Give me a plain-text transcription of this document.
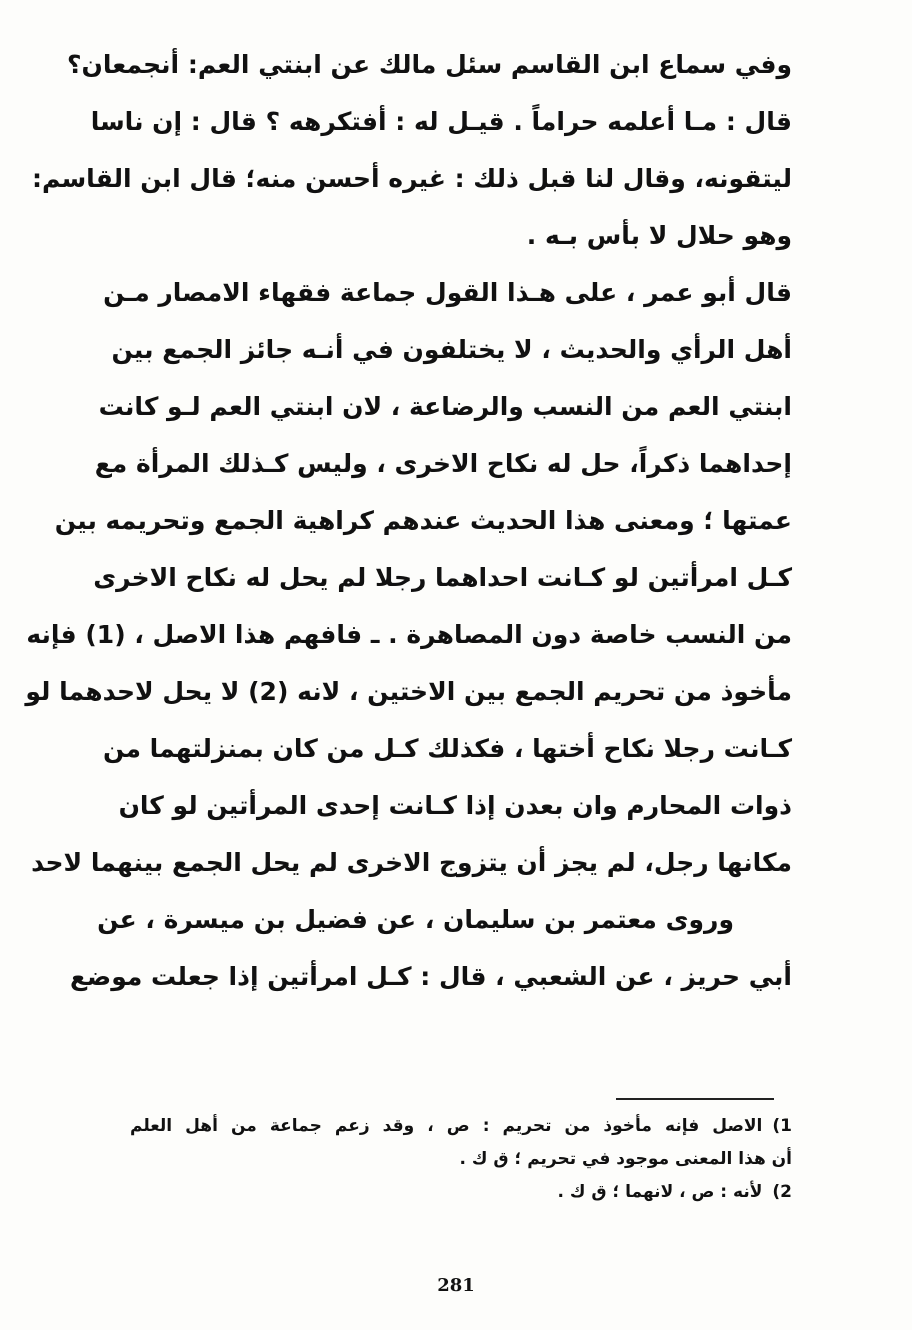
وفي سماع ابن القاسم سئل مالك عن ابنتي العم: أنجمعان؟
قال : مـا أعلمه حراماً . قيـل له : أفتكرهه ؟ قال : إن ناسا
ليتقونه، وقال لنا قبل ذلك : غيره أحسن منه؛ قال ابن القاسم:
وهو حلال لا بأس بـه .
قال أبو عمر ، على هـذا القول جماعة فقهاء الامصار مـن
أهل الرأي والحديث ، لا يختلفون في أنـه جائز الجمع بين
ابنتي العم من النسب والرضاعة ، لان ابنتي العم لـو كانت
إحداهما ذكراً، حل له نكاح الاخرى ، وليس كـذلك المرأة مع
عمتها ؛ ومعنى هذا الحديث عندهم كراهية الجمع وتحريمه بين
كـل امرأتين لو كـانت احداهما رجلا لم يحل له نكاح الاخرى
من النسب خاصة دون المصاهرة . ـ فافهم هذا الاصل ، (1) فإنه
مأخوذ من تحريم الجمع بين الاختين ، لانه (2) لا يحل لاحدهما لو
كـانت رجلا نكاح أختها ، فكذلك كـل من كان بمنزلتهما من
ذوات المحارم وان بعدن إذا كـانت إحدى المرأتين لو كان
مكانها رجل، لم يجز أن يتزوج الاخرى لم يحل الجمع بينهما لاحد
وروى معتمر بن سليمان ، عن فضيل بن ميسرة ، عن
أبي حريز ، عن الشعبي ، قال : كـل امرأتين إذا جعلت موضع
1)الاصل فإنه مأخوذ من تحريم : ص ، وقد زعم جماعة من أهل العلم
أن هذا المعنى موجود في تحريم ؛ ق ك .
2)لأنه : ص ، لانهما ؛ ق ك .
281
